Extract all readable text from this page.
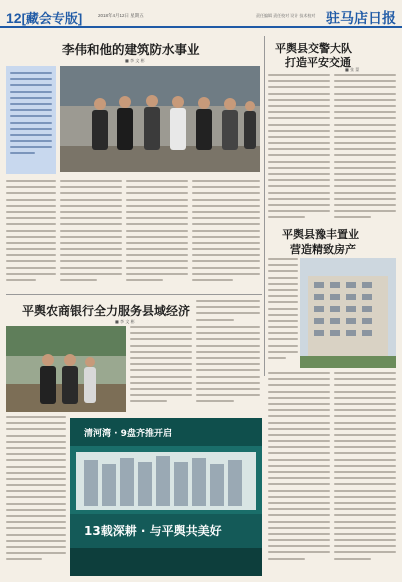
12[藏会专版]	2018年4月12日 星期五	责任编辑 责任校对 设计 技术校对 驻马店日报
李伟和他的建筑防水事业
■ 李 文 彬
平舆县交警大队
打造平安交通
■ 张 蒙
平舆县豫丰置业
营造精致房产
平舆农商银行全力服务县域经济
■ 李 文 彬
清河湾 · 9盘齐推开启
13载深耕 · 与平舆共美好
